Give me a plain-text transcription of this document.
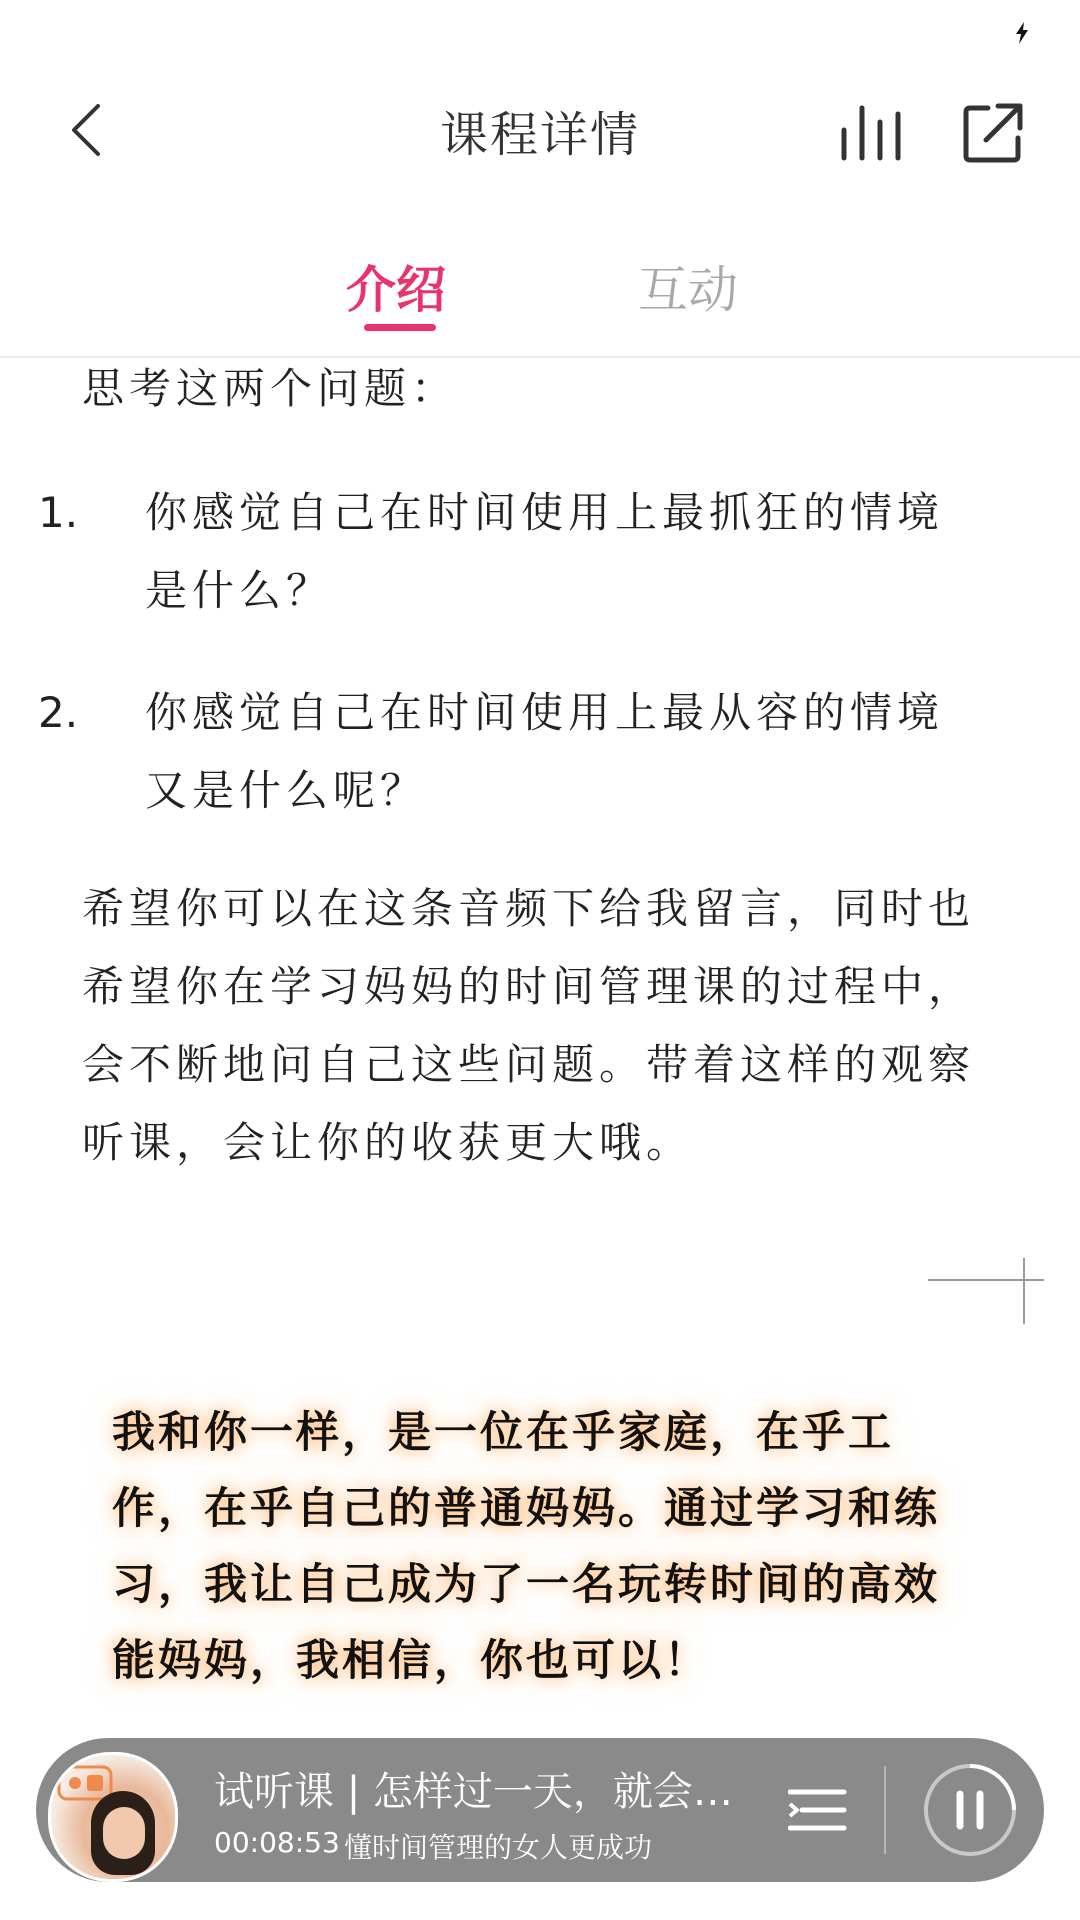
课程详情
介绍	互动
思考这两个问题：
1. 你感觉自己在时间使用上最抓狂的情境是什么？
2. 你感觉自己在时间使用上最从容的情境又是什么呢？
希望你可以在这条音频下给我留言，同时也希望你在学习妈妈的时间管理课的过程中，会不断地问自己这些问题。带着这样的观察听课，会让你的收获更大哦。
我和你一样，是一位在乎家庭，在乎工作，在乎自己的普通妈妈。通过学习和练习，我让自己成为了一名玩转时间的高效能妈妈，我相信，你也可以！
试听课 | 怎样过一天，就会…
00:08:53 懂时间管理的女人更成功
